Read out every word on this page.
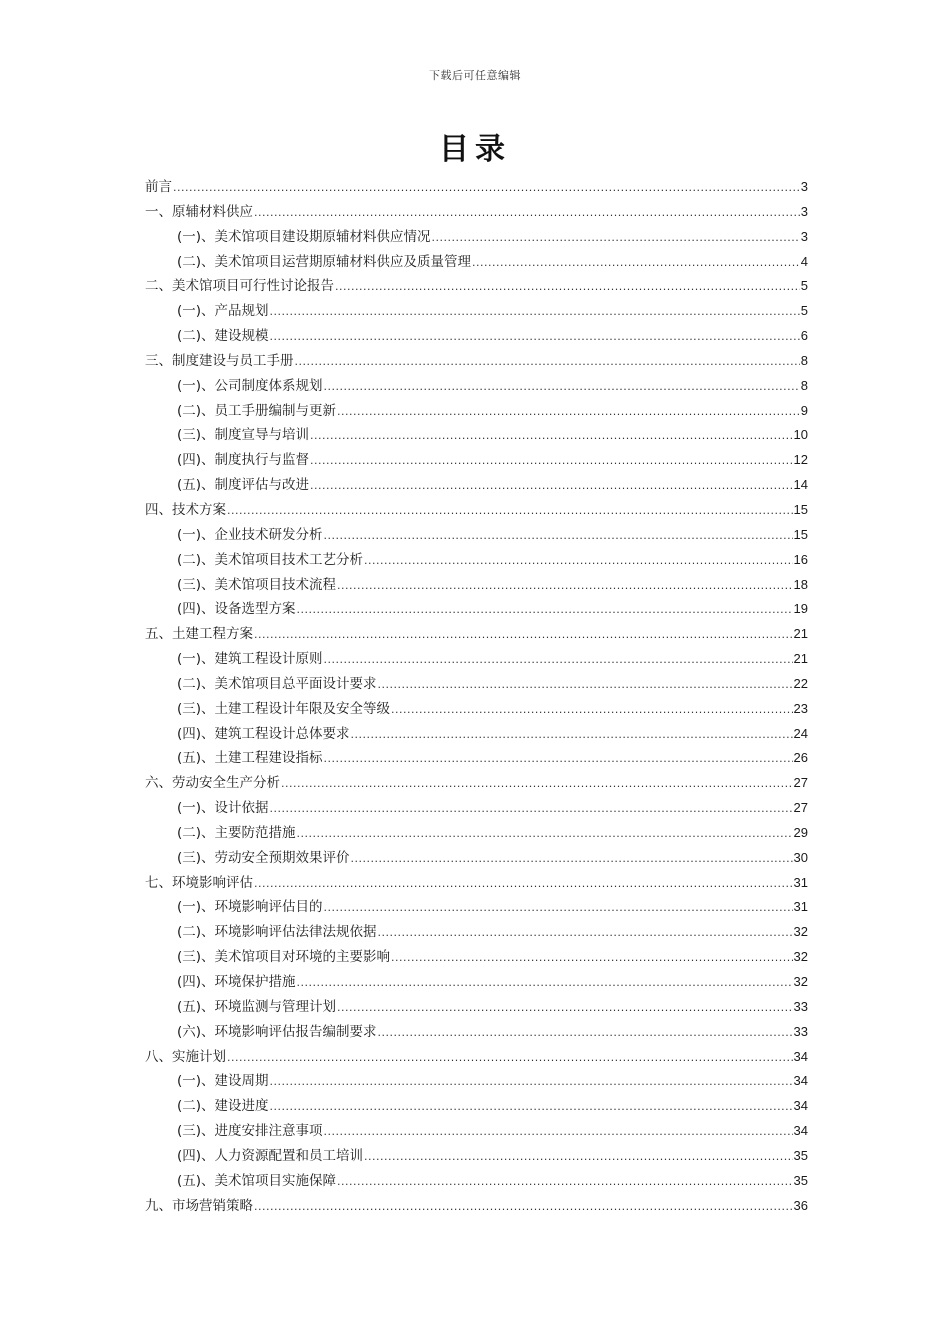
下载后可任意编辑
目录
前言 .....	3
一、原辅材料供应 .....	3
(一)、美术馆项目建设期原辅材料供应情况 .....	3
(二)、美术馆项目运营期原辅材料供应及质量管理 .....	4
二、美术馆项目可行性讨论报告 .....	5
(一)、产品规划 .....	5
(二)、建设规模 .....	6
三、制度建设与员工手册 .....	8
(一)、公司制度体系规划 .....	8
(二)、员工手册编制与更新 .....	9
(三)、制度宣导与培训 .....	10
(四)、制度执行与监督 .....	12
(五)、制度评估与改进 .....	14
四、技术方案 .....	15
(一)、企业技术研发分析 .....	15
(二)、美术馆项目技术工艺分析 .....	16
(三)、美术馆项目技术流程 .....	18
(四)、设备选型方案 .....	19
五、土建工程方案 .....	21
(一)、建筑工程设计原则 .....	21
(二)、美术馆项目总平面设计要求 .....	22
(三)、土建工程设计年限及安全等级 .....	23
(四)、建筑工程设计总体要求 .....	24
(五)、土建工程建设指标 .....	26
六、劳动安全生产分析 .....	27
(一)、设计依据 .....	27
(二)、主要防范措施 .....	29
(三)、劳动安全预期效果评价 .....	30
七、环境影响评估 .....	31
(一)、环境影响评估目的 .....	31
(二)、环境影响评估法律法规依据 .....	32
(三)、美术馆项目对环境的主要影响 .....	32
(四)、环境保护措施 .....	32
(五)、环境监测与管理计划 .....	33
(六)、环境影响评估报告编制要求 .....	33
八、实施计划 .....	34
(一)、建设周期 .....	34
(二)、建设进度 .....	34
(三)、进度安排注意事项 .....	34
(四)、人力资源配置和员工培训 .....	35
(五)、美术馆项目实施保障 .....	35
九、市场营销策略 .....	36
